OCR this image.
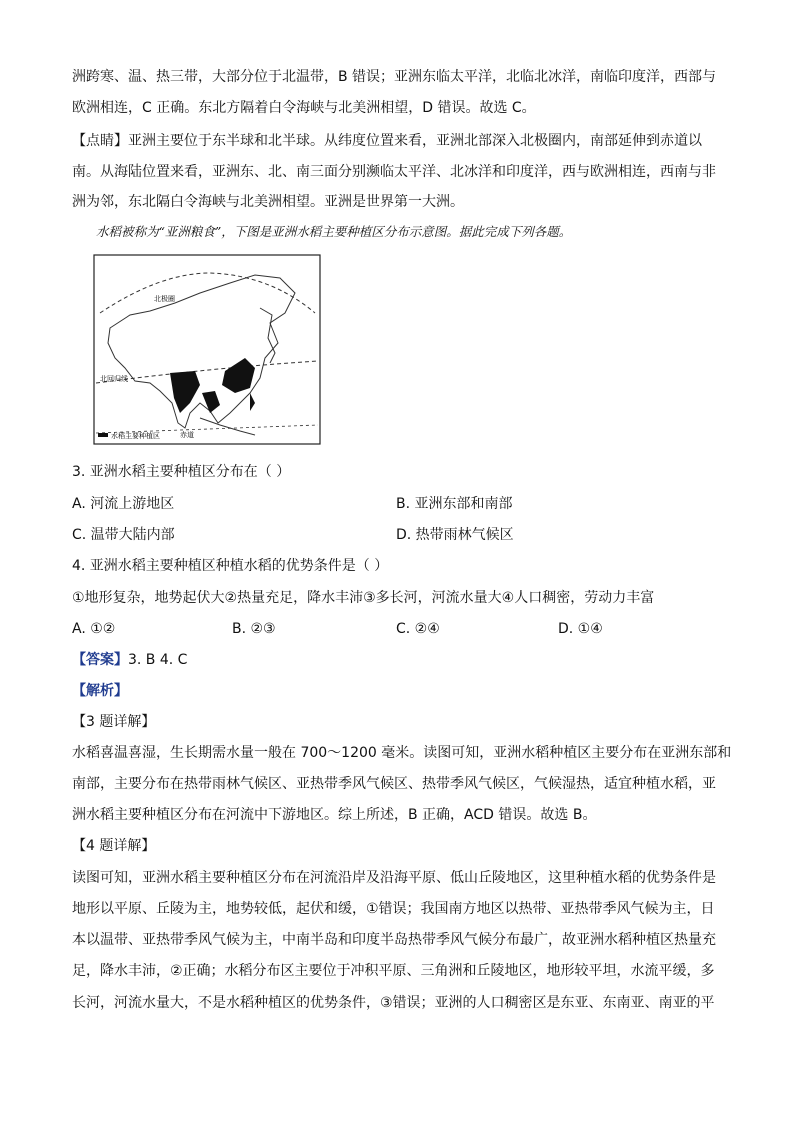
洲跨寒、温、热三带，大部分位于北温带，B 错误；亚洲东临太平洋，北临北冰洋，南临印度洋，西部与
欧洲相连，C 正确。东北方隔着白令海峡与北美洲相望，D 错误。故选 C。
【点睛】亚洲主要位于东半球和北半球。从纬度位置来看，亚洲北部深入北极圈内，南部延伸到赤道以
南。从海陆位置来看，亚洲东、北、南三面分别濒临太平洋、北冰洋和印度洋，西与欧洲相连，西南与非
洲为邻，东北隔白令海峡与北美洲相望。亚洲是世界第一大洲。
水稻被称为“亚洲粮食”，下图是亚洲水稻主要种植区分布示意图。据此完成下列各题。
北极圈
北回归线
赤道
水稻主要种植区
3. 亚洲水稻主要种植区分布在（ ）
A. 河流上游地区	B. 亚洲东部和南部
C. 温带大陆内部	D. 热带雨林气候区
4. 亚洲水稻主要种植区种植水稻的优势条件是（ ）
①地形复杂，地势起伏大②热量充足，降水丰沛③多长河，河流水量大④人口稠密，劳动力丰富
A. ①②	B. ②③	C. ②④	D. ①④
【答案】3. B 4. C
【解析】
【3 题详解】
水稻喜温喜湿，生长期需水量一般在 700～1200 毫米。读图可知，亚洲水稻种植区主要分布在亚洲东部和
南部，主要分布在热带雨林气候区、亚热带季风气候区、热带季风气候区，气候湿热，适宜种植水稻，亚
洲水稻主要种植区分布在河流中下游地区。综上所述，B 正确，ACD 错误。故选 B。
【4 题详解】
读图可知，亚洲水稻主要种植区分布在河流沿岸及沿海平原、低山丘陵地区，这里种植水稻的优势条件是
地形以平原、丘陵为主，地势较低，起伏和缓，①错误；我国南方地区以热带、亚热带季风气候为主，日
本以温带、亚热带季风气候为主，中南半岛和印度半岛热带季风气候分布最广，故亚洲水稻种植区热量充
足，降水丰沛，②正确；水稻分布区主要位于冲积平原、三角洲和丘陵地区，地形较平坦，水流平缓，多
长河，河流水量大，不是水稻种植区的优势条件，③错误；亚洲的人口稠密区是东亚、东南亚、南亚的平
